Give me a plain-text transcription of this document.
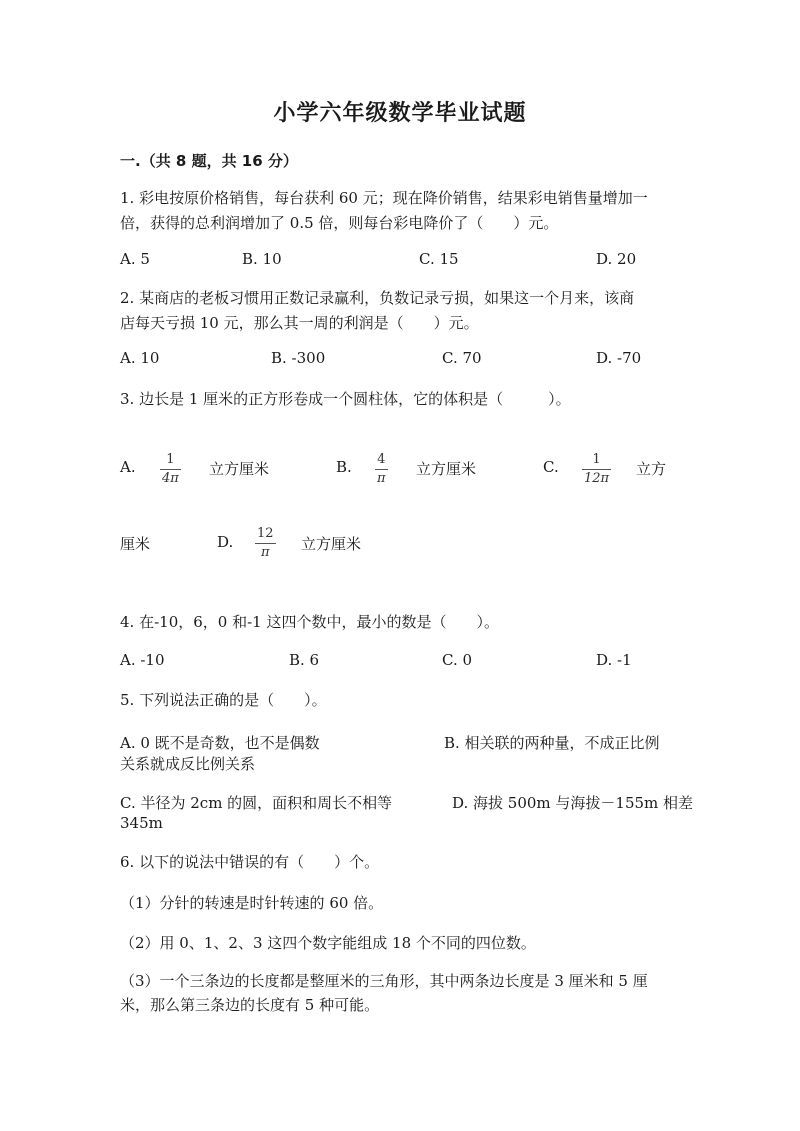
小学六年级数学毕业试题
一.（共 8 题，共 16 分）
1. 彩电按原价格销售，每台获利 60 元；现在降价销售，结果彩电销售量增加一
倍，获得的总利润增加了 0.5 倍，则每台彩电降价了（　　）元。
A. 5	B. 10	C. 15	D. 20
2. 某商店的老板习惯用正数记录赢利，负数记录亏损，如果这一个月来，该商
店每天亏损 10 元，那么其一周的利润是（　　）元。
A. 10	B. -300	C. 70	D. -70
3. 边长是 1 厘米的正方形卷成一个圆柱体，它的体积是（　　　）。
A. 1
4π
立方厘米	B. 4
π
立方厘米	C.	1
12π
立方
厘米	D. 12
π 立方厘米
4. 在-10，6，0 和-1 这四个数中，最小的数是（　　）。
A. -10	B. 6	C. 0	D. -1
5. 下列说法正确的是（　　）。
A. 0 既不是奇数，也不是偶数	B. 相关联的两种量，不成正比例
关系就成反比例关系
C. 半径为 2cm 的圆，面积和周长不相等	D. 海拔 500m 与海拔－155m 相差
345m
6. 以下的说法中错误的有（　　）个。
（1）分针的转速是时针转速的 60 倍。
（2）用 0、1、2、3 这四个数字能组成 18 个不同的四位数。
（3）一个三条边的长度都是整厘米的三角形，其中两条边长度是 3 厘米和 5 厘
米，那么第三条边的长度有 5 种可能。
